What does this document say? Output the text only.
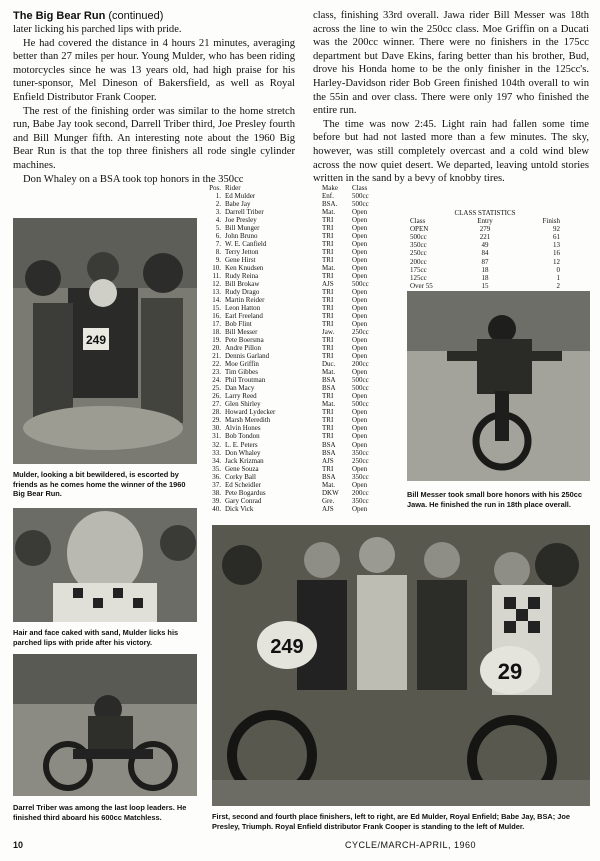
The Big Bear Run (continued)

later licking his parched lips with pride.

He had covered the distance in 4 hours 21 minutes, averaging better than 27 miles per hour. Young Mulder, who has been riding motorcycles since he was 13 years old, had high praise for his tuner-sponsor, Mel Dineson of Bakersfield, as well as Royal Enfield Distributor Frank Cooper.

The rest of the finishing order was similar to the home stretch run, Babe Jay took second, Darrell Triber third, Joe Presley fourth and Bill Munger fifth. An interesting note about the 1960 Big Bear Run is that the top three finishers all rode single cylinder machines.

Don Whaley on a BSA took top honors in the 350cc

class, finishing 33rd overall. Jawa rider Bill Messer was 18th across the line to win the 250cc class. Moe Griffin on a Ducati was the 200cc winner. There were no finishers in the 175cc department but Dave Ekins, faring better than his brother, Bud, drove his Honda home to be the only finisher in the 125cc's. Harley-Davidson rider Bob Green finished 104th overall to win the 55in and over class. There were only 197 who finished the entire run.

The time was now 2:45. Light rain had fallen some time before but had not lasted more than a few minutes. The sky, however, was still completely overcast and a cold wind blew across the now quiet desert. We departed, leaving untold stories written in the sand by a bevy of knobby tires.

249

Mulder, looking a bit bewildered, is escorted by friends as he comes home the winner of the 1960 Big Bear Run.

Hair and face caked with sand, Mulder licks his parched lips with pride after his victory.

Darrel Triber was among the last loop leaders. He finished third aboard his 600cc Matchless.

Pos. Rider	Make	Class
1. Ed Mulder	Enf.	500cc
2. Babe Jay	BSA.	500cc
3. Darrell Triber	Mat.	Open
4. Joe Presley	TRI	Open
5. Bill Munger	TRI	Open
6. John Bruno	TRI	Open
7. W. E. Canfield	TRI	Open
8. Terry Jetton	TRI	Open
9. Gene Hirst	TRI	Open
10. Ken Knudsen	Mat.	Open
11. Rudy Reina	TRI	Open
12. Bill Brokaw	AJS	500cc
13. Rudy Drago	TRI	Open
14. Martin Reider	TRI	Open
15. Leon Hatton	TRI	Open
16. Earl Freeland	TRI	Open
17. Bob Flint	TRI	Open
18. Bill Messer	Jaw.	250cc
19. Pete Boersma	TRI	Open
20. Andre Pillon	TRI	Open
21. Dennis Garland	TRI	Open
22. Moe Griffin	Duc.	200cc
23. Tim Gibbes	Mat.	Open
24. Phil Troutman	BSA	500cc
25. Dan Macy	BSA	500cc
26. Larry Reed	TRI	Open
27. Glen Shirley	Mat.	500cc
28. Howard Lydecker	TRI	Open
29. Marsh Meredith	TRI	Open
30. Alvin Hones	TRI	Open
31. Bob Tondon	TRI	Open
32. L. E. Peters	BSA	Open
33. Don Whaley	BSA	350cc
34. Jack Krizman	AJS	250cc
35. Gene Souza	TRI	Open
36. Corky Ball	BSA	350cc
37. Ed Scheidler	Mat.	Open
38. Pete Bogardus	DKW	200cc
39. Gary Conrad	Gre.	350cc
40. Dick Vick	AJS	Open
CLASS STATISTICS
Class	Entry	Finish
OPEN	279	92
500cc	221	61
350cc	49	13
250cc	84	16
200cc	87	12
175cc	18	0
125cc	18	1
Over 55	15	2

Bill Messer took small bore honors with his 250cc Jawa. He finished the run in 18th place overall.

249
29

First, second and fourth place finishers, left to right, are Ed Mulder, Royal Enfield; Babe Jay, BSA; Joe Presley, Triumph. Royal Enfield distributor Frank Cooper is standing to the left of Mulder.

10	CYCLE/MARCH-APRIL, 1960
